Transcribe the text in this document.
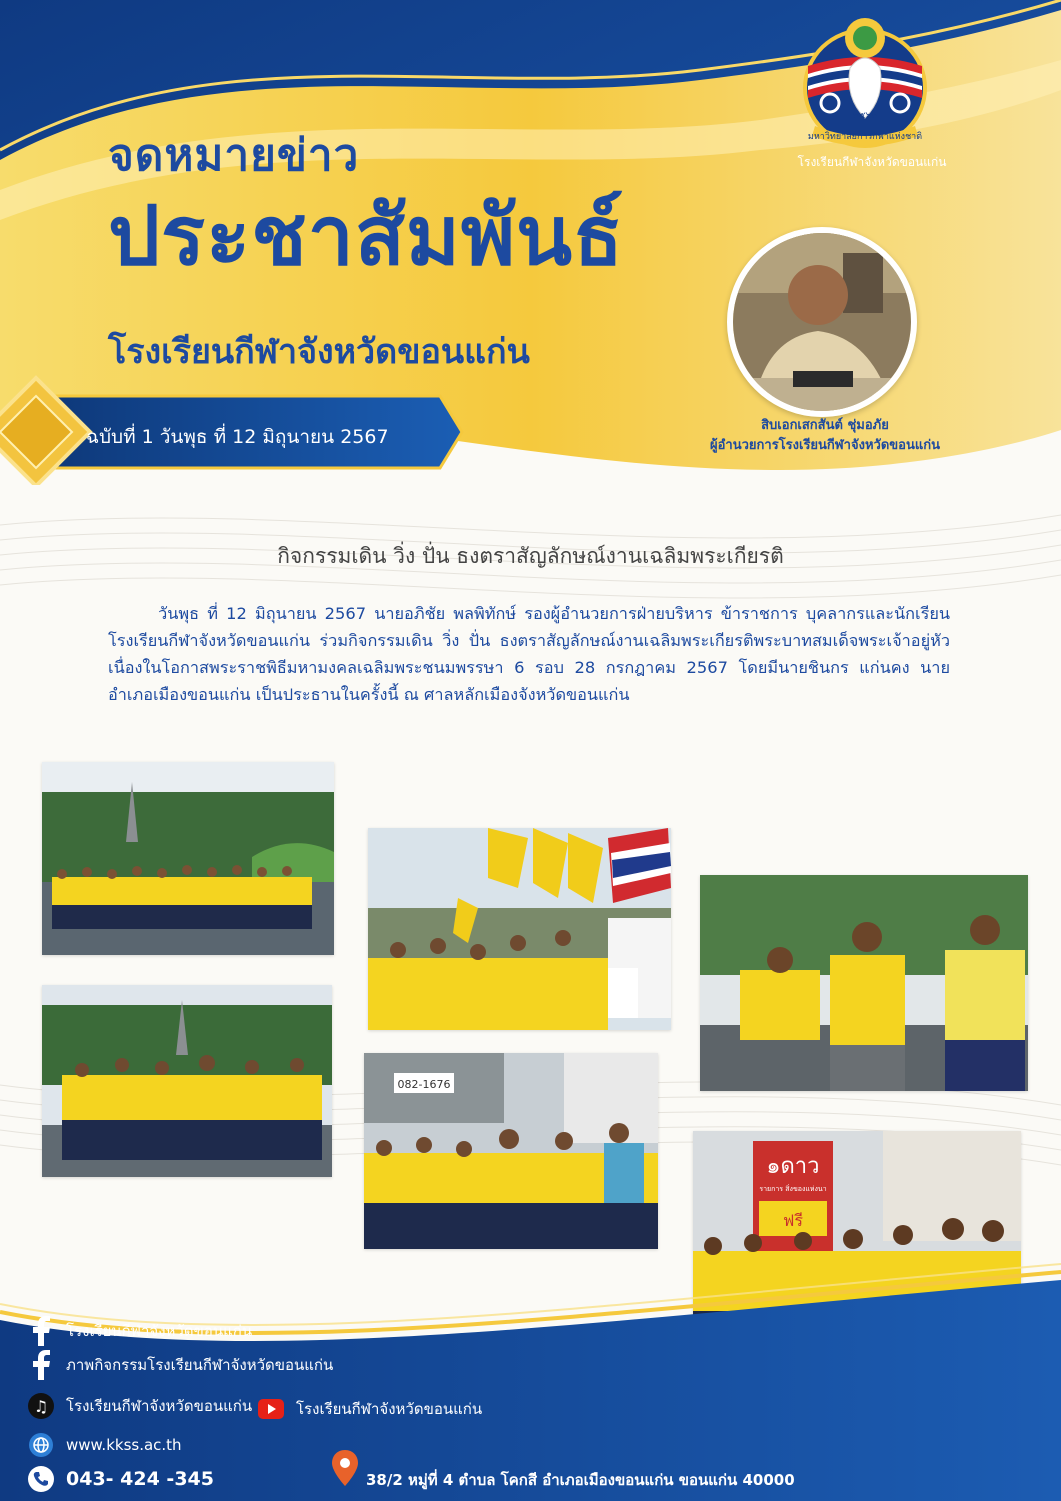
มหาวิทยาลัยการกีฬาแห่งชาติ
๒๕๖๒
โรงเรียนกีฬาจังหวัดขอนแก่น
จดหมายข่าว
ประชาสัมพันธ์
โรงเรียนกีฬาจังหวัดขอนแก่น
ฉบับที่ 1 วันพุธ ที่ 12 มิถุนายน 2567
สิบเอกเสกสันต์ ชุ่มอภัย
ผู้อำนวยการโรงเรียนกีฬาจังหวัดขอนแก่น
กิจกรรมเดิน วิ่ง ปั่น ธงตราสัญลักษณ์งานเฉลิมพระเกียรติ

วันพุธ ที่ 12 มิถุนายน 2567 นายอภิชัย พลพิทักษ์ รองผู้อำนวยการฝ่ายบริหาร ข้าราชการ บุคลากรและนักเรียน โรงเรียนกีฬาจังหวัดขอนแก่น ร่วมกิจกรรมเดิน วิ่ง ปั่น ธงตราสัญลักษณ์งานเฉลิมพระเกียรติพระบาทสมเด็จพระเจ้าอยู่หัว เนื่องในโอกาสพระราชพิธีมหามงคลเฉลิมพระชนมพรรษา 6 รอบ 28 กรกฎาคม 2567 โดยมีนายชินกร แก่นคง นายอำเภอเมืองขอนแก่น เป็นประธานในครั้งนี้ ณ ศาลหลักเมืองจังหวัดขอนแก่น

082-1676
๑ดาว
รายการ สิ่งของแห่งนา
ฟรี
โรงเรียนกีฬาจังหวัดขอนแก่น
ภาพกิจกรรมโรงเรียนกีฬาจังหวัดขอนแก่น
♫ โรงเรียนกีฬาจังหวัดขอนแก่น	โรงเรียนกีฬาจังหวัดขอนแก่น
www.kkss.ac.th
043- 424 -345	38/2 หมู่ที่ 4 ตำบล โคกสี อำเภอเมืองขอนแก่น ขอนแก่น 40000
